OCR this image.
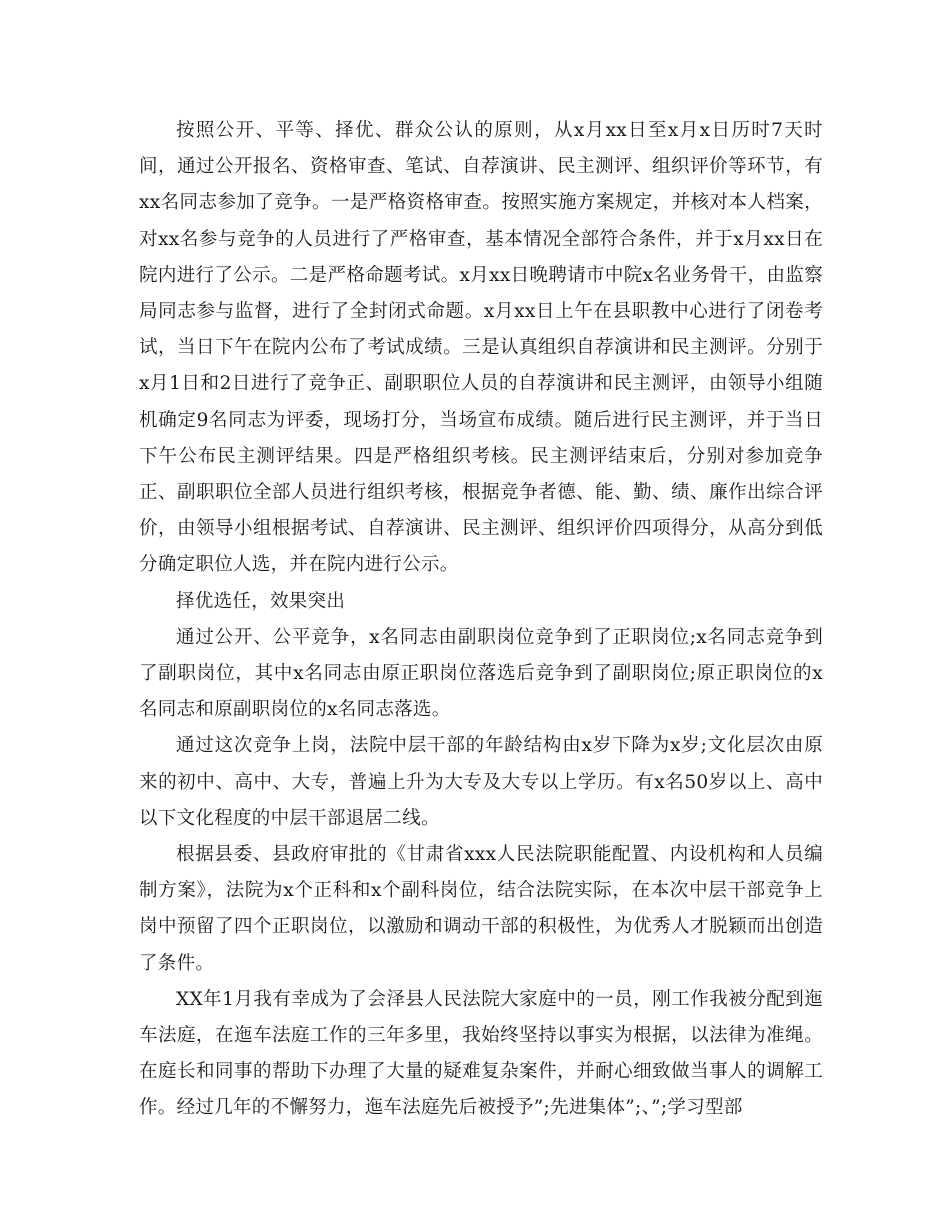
按照公开、平等、择优、群众公认的原则，从x月xx日至x月x日历时7天时间，通过公开报名、资格审查、笔试、自荐演讲、民主测评、组织评价等环节，有xx名同志参加了竞争。一是严格资格审查。按照实施方案规定，并核对本人档案，对xx名参与竞争的人员进行了严格审查，基本情况全部符合条件，并于x月xx日在院内进行了公示。二是严格命题考试。x月xx日晚聘请市中院x名业务骨干，由监察局同志参与监督，进行了全封闭式命题。x月xx日上午在县职教中心进行了闭卷考试，当日下午在院内公布了考试成绩。三是认真组织自荐演讲和民主测评。分别于x月1日和2日进行了竞争正、副职职位人员的自荐演讲和民主测评，由领导小组随机确定9名同志为评委，现场打分，当场宣布成绩。随后进行民主测评，并于当日下午公布民主测评结果。四是严格组织考核。民主测评结束后，分别对参加竞争正、副职职位全部人员进行组织考核，根据竞争者德、能、勤、绩、廉作出综合评价，由领导小组根据考试、自荐演讲、民主测评、组织评价四项得分，从高分到低分确定职位人选，并在院内进行公示。

择优选任，效果突出

通过公开、公平竞争，x名同志由副职岗位竞争到了正职岗位;x名同志竞争到了副职岗位，其中x名同志由原正职岗位落选后竞争到了副职岗位;原正职岗位的x名同志和原副职岗位的x名同志落选。

通过这次竞争上岗，法院中层干部的年龄结构由x岁下降为x岁;文化层次由原来的初中、高中、大专，普遍上升为大专及大专以上学历。有x名50岁以上、高中以下文化程度的中层干部退居二线。

根据县委、县政府审批的《甘肃省xxx人民法院职能配置、内设机构和人员编制方案》，法院为x个正科和x个副科岗位，结合法院实际，在本次中层干部竞争上岗中预留了四个正职岗位，以激励和调动干部的积极性，为优秀人才脱颖而出创造了条件。

XX年1月我有幸成为了会泽县人民法院大家庭中的一员，刚工作我被分配到迤车法庭，在迤车法庭工作的三年多里，我始终坚持以事实为根据，以法律为准绳。在庭长和同事的帮助下办理了大量的疑难复杂案件，并耐心细致做当事人的调解工作。经过几年的不懈努力，迤车法庭先后被授予”;先进集体”;、”;学习型部
